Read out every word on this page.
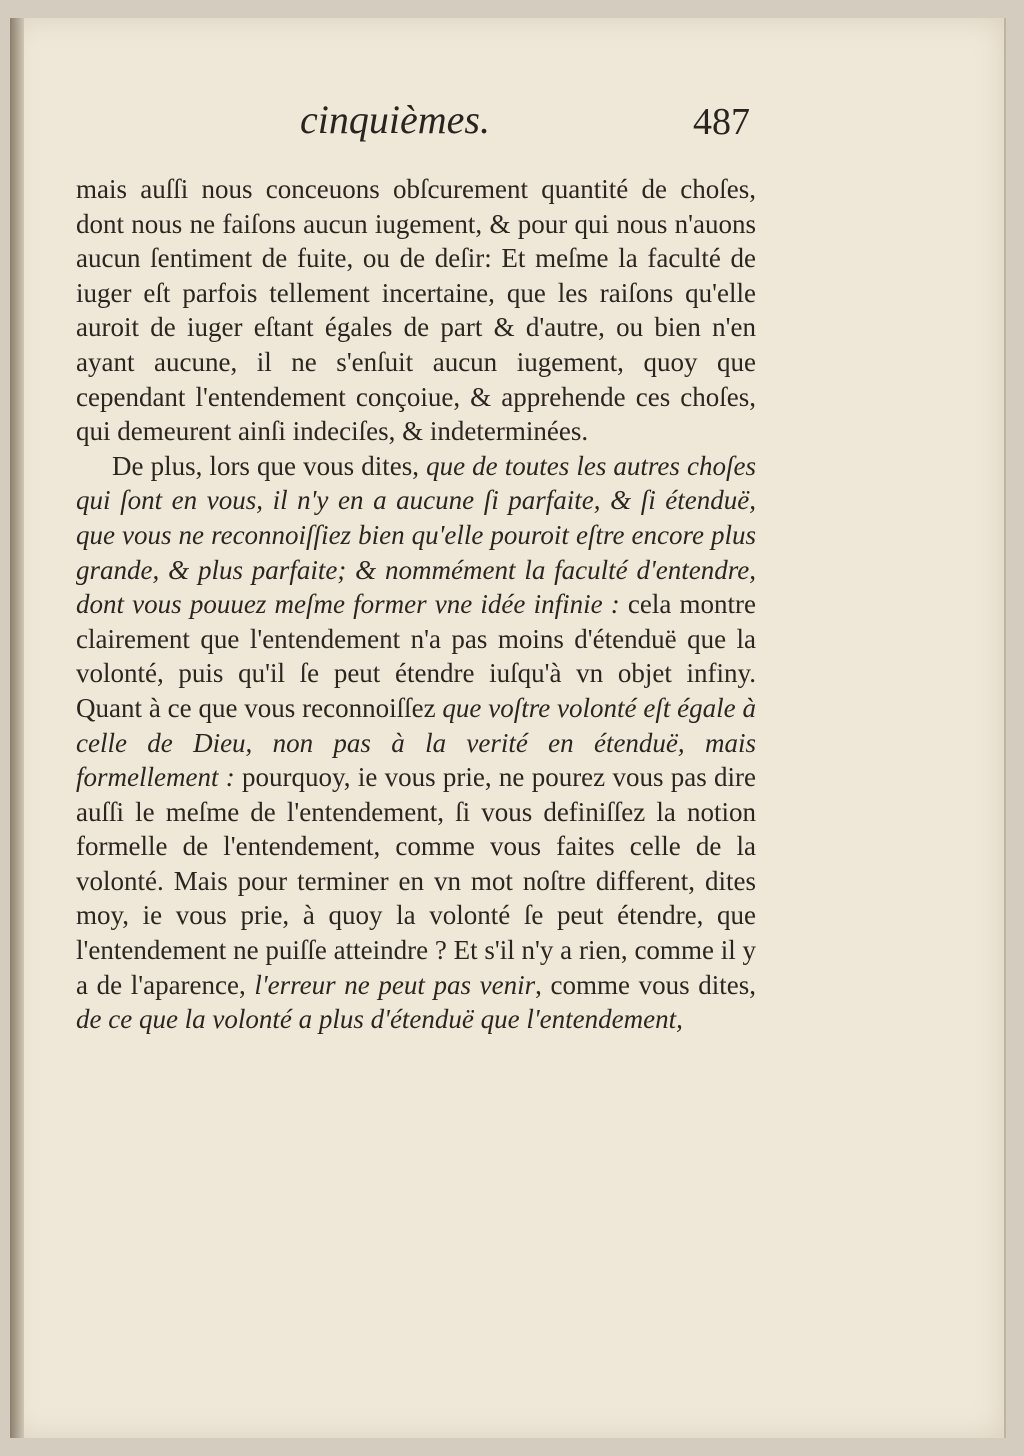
cinquièmes.	487

mais auſſi nous conceuons obſcurement quantité de choſes, dont nous ne faiſons aucun iugement, & pour qui nous n'auons aucun ſentiment de fuite, ou de deſir: Et meſme la faculté de iuger eſt parfois tellement incertaine, que les raiſons qu'elle auroit de iuger eſtant égales de part & d'autre, ou bien n'en ayant aucune, il ne s'enſuit aucun iugement, quoy que cependant l'entendement conçoiue, & apprehende ces choſes, qui demeurent ainſi indeciſes, & indeterminées.

De plus, lors que vous dites, que de toutes les autres choſes qui ſont en vous, il n'y en a aucune ſi parfaite, & ſi étenduë, que vous ne reconnoiſſiez bien qu'elle pouroit eſtre encore plus grande, & plus parfaite; & nommément la faculté d'entendre, dont vous pouuez meſme former vne idée infinie : cela montre clairement que l'entendement n'a pas moins d'étenduë que la volonté, puis qu'il ſe peut étendre iuſqu'à vn objet infiny. Quant à ce que vous reconnoiſſez que voſtre volonté eſt égale à celle de Dieu, non pas à la verité en étenduë, mais formellement : pourquoy, ie vous prie, ne pourez vous pas dire auſſi le meſme de l'entendement, ſi vous definiſſez la notion formelle de l'entendement, comme vous faites celle de la volonté. Mais pour terminer en vn mot noſtre different, dites moy, ie vous prie, à quoy la volonté ſe peut étendre, que l'entendement ne puiſſe atteindre ? Et s'il n'y a rien, comme il y a de l'aparence, l'erreur ne peut pas venir, comme vous dites, de ce que la volonté a plus d'étenduë que l'entendement,
